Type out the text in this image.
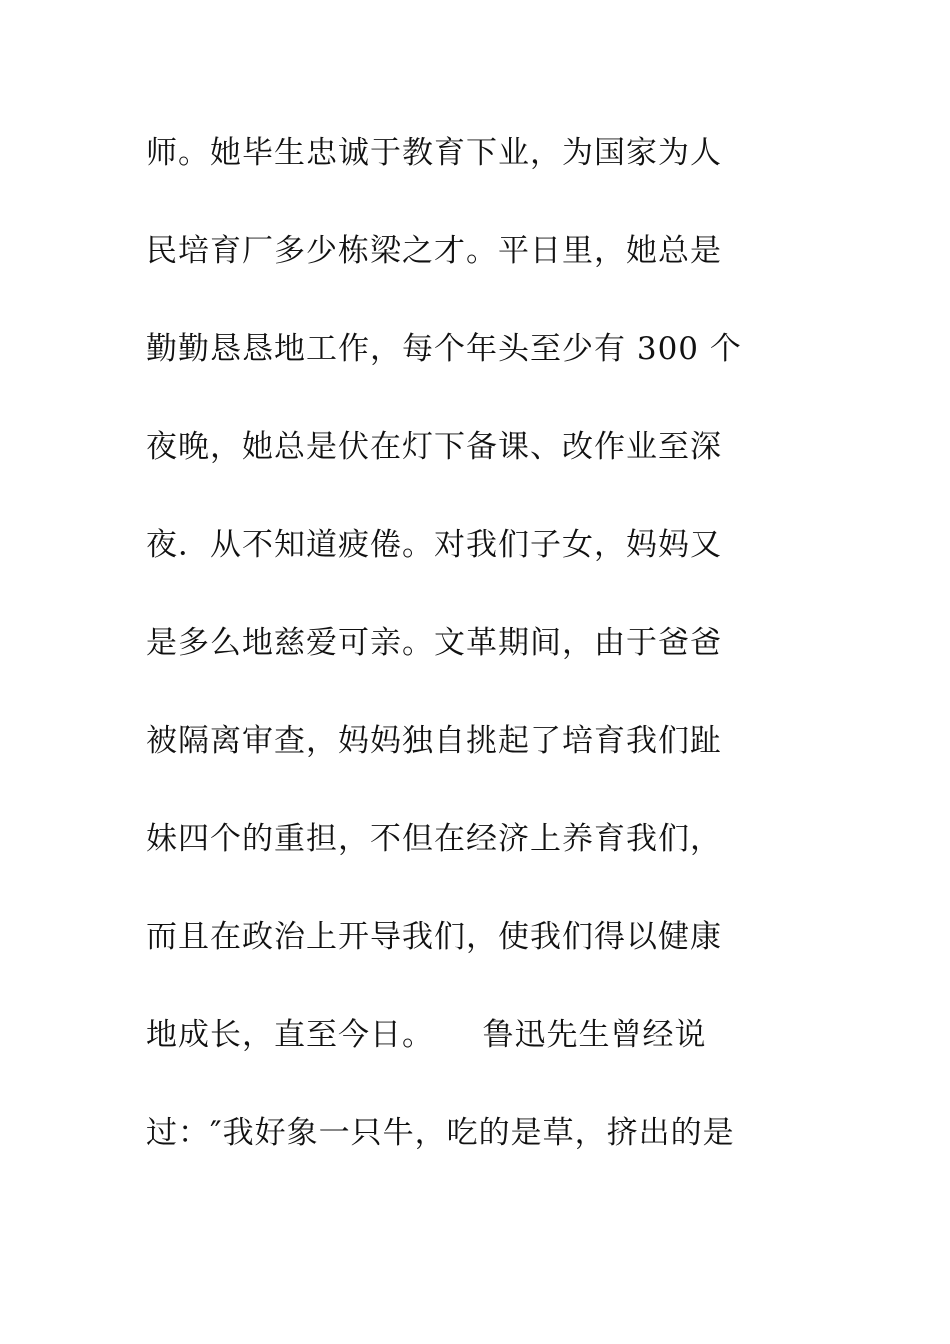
师。她毕生忠诚于教育下业，为国家为人
民培育厂多少栋梁之才。平日里，她总是
勤勤恳恳地工作，每个年头至少有 300 个
夜晚，她总是伏在灯下备课、改作业至深
夜．从不知道疲倦。对我们子女，妈妈又
是多么地慈爱可亲。文革期间，由于爸爸
被隔离审查，妈妈独自挑起了培育我们趾
妹四个的重担，不但在经济上养育我们，
而且在政治上开导我们，使我们得以健康
地成长，直至今日。　　鲁迅先生曾经说
过：″我好象一只牛，吃的是草，挤出的是
